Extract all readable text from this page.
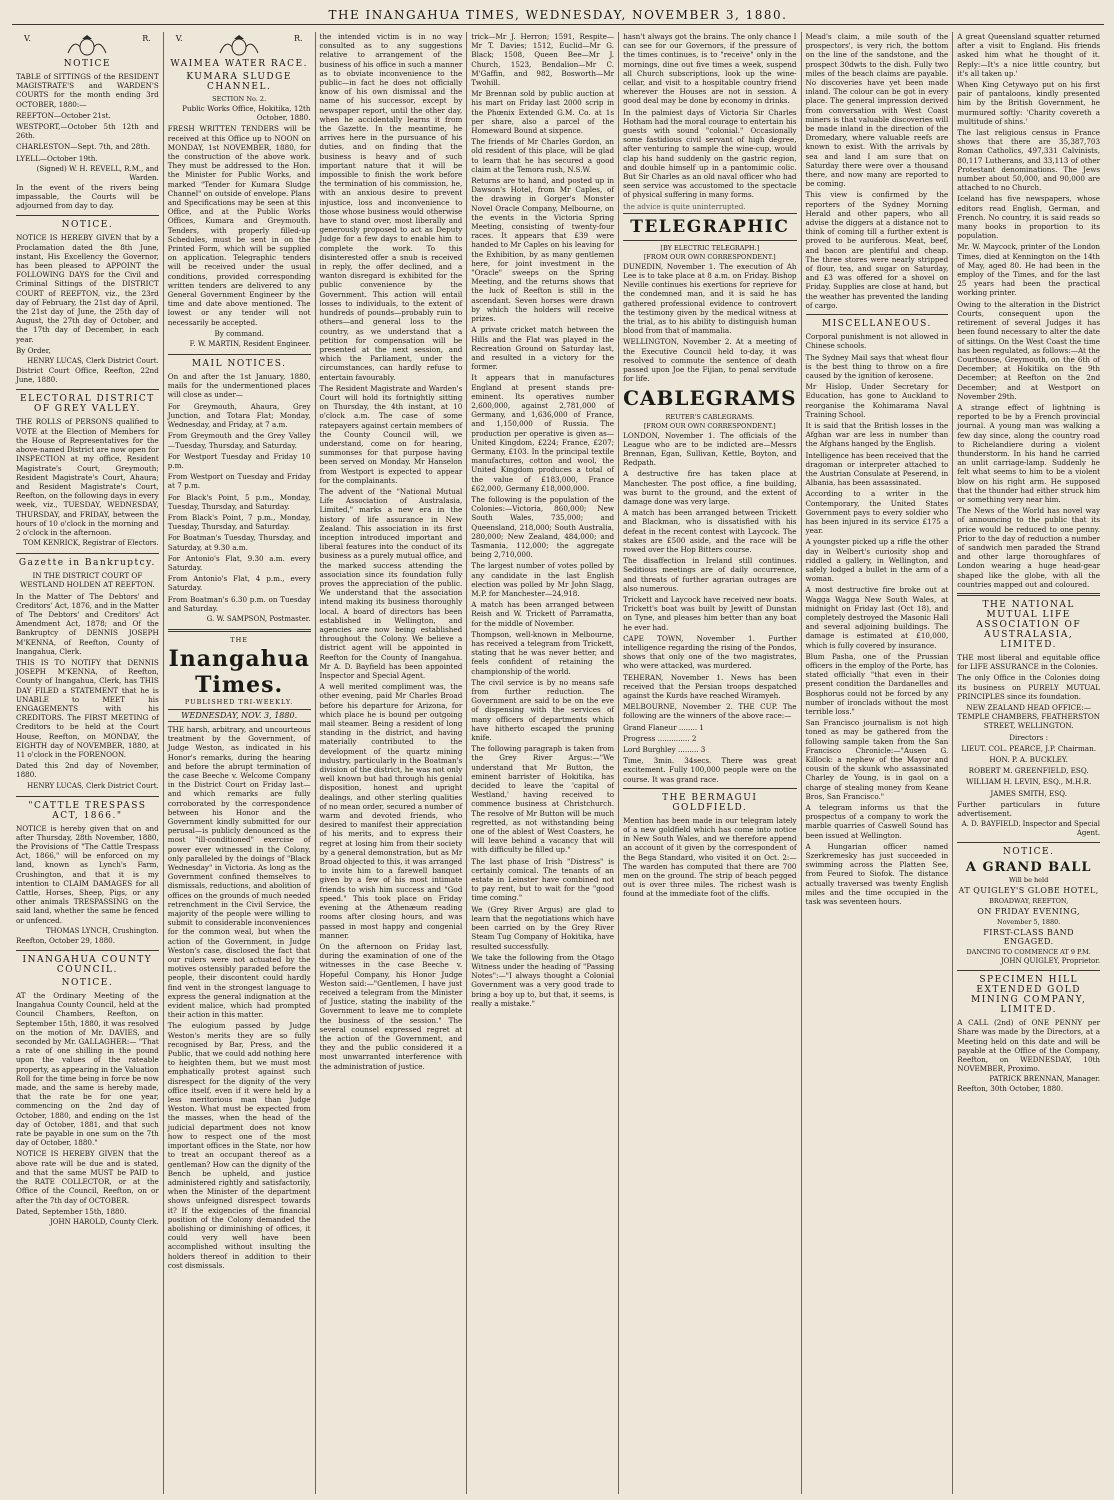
THE INANGAHUA TIMES, WEDNESDAY, NOVEMBER 3, 1880.
V.	R.
NOTICE

TABLE of SITTINGS of the RESIDENT MAGISTRATE'S and WARDEN'S COURTS for the month ending 3rd OCTOBER, 1880:—

REEFTON—October 21st.

WESTPORT,—October 5th 12th and 26th.

CHARLESTON—Sept. 7th, and 28th.

LYELL—October 19th.

(Signed) W. H. REVELL, R.M., and Warden.

In the event of the rivers being impassable, the Courts will be adjourned from day to day.

NOTICE.

NOTICE IS HEREBY GIVEN that by a Proclamation dated the 8th June, instant, His Excellency the Governor, has been pleased to APPOINT the FOLLOWING DAYS for the Civil and Criminal Sittings of the DISTRICT COURT of REEFTON, viz., the 23rd day of February, the 21st day of April, the 21st day of June, the 25th day of August, the 27th day of October, and the 17th day of December, in each year.

By Order,

HENRY LUCAS, Clerk District Court.

District Court Office, Reefton, 22nd June, 1880.

ELECTORAL DISTRICT OF GREY VALLEY.

THE ROLLS of PERSONS qualified to VOTE at the Election of Members for the House of Representatives for the above-named District are now open for INSPECTION at my office, Resident Magistrate's Court, Greymouth; Resident Magistrate's Court, Ahaura; and Resident Magistrate's Court, Reefton, on the following days in every week, viz., TUESDAY, WEDNESDAY, THURSDAY, and FRIDAY, between the hours of 10 o'clock in the morning and 2 o'clock in the afternoon.

TOM KENRICK, Registrar of Electors.

Gazette in Bankruptcy.

IN THE DISTRICT COURT OF WESTLAND HOLDEN AT REEFTON.

In the Matter of The Debtors' and Creditors' Act, 1876, and in the Matter of The Debtors' and Creditors' Act Amendment Act, 1878; and Of the Bankruptcy of DENNIS JOSEPH M'KENNA, of Reefton, County of Inangahua, Clerk.

THIS IS TO NOTIFY that DENNIS JOSEPH M'KENNA, of Reefton, County of Inangahua, Clerk, has THIS DAY FILED a STATEMENT that he is UNABLE to MEET his ENGAGEMENTS with his CREDITORS. The FIRST MEETING of Creditors to be held at the Court House, Reefton, on MONDAY, the EIGHTH day of NOVEMBER, 1880, at 11 o'clock in the FORENOON.

Dated this 2nd day of November, 1880.

HENRY LUCAS, Clerk District Court.

"CATTLE TRESPASS ACT, 1866."

NOTICE is hereby given that on and after Thursday, 28th November, 1880, the Provisions of "The Cattle Trespass Act, 1866," will be enforced on my land, known as Lynch's Farm, Crushington, and that it is my intention to CLAIM DAMAGES for all Cattle, Horses, Sheep, Pigs, or any other animals TRESPASSING on the said land, whether the same be fenced or unfenced.

THOMAS LYNCH, Crushington.

Reefton, October 29, 1880.

INANGAHUA COUNTY COUNCIL.
NOTICE.

AT the Ordinary Meeting of the Inangahua County Council, held at the Council Chambers, Reefton, on September 15th, 1880, it was resolved on the motion of Mr. DAVIES, and seconded by Mr. GALLAGHER:— "That a rate of one shilling in the pound upon the values of the rateable property, as appearing in the Valuation Roll for the time being in force be now made, and the same is hereby made, that the rate be for one year, commencing on the 2nd day of October, 1880, and ending on the 1st day of October, 1881, and that such rate be payable in one sum on the 7th day of October, 1880."

NOTICE IS HEREBY GIVEN that the above rate will be due and is stated, and that the same MUST be PAID to the RATE COLLECTOR, or at the Office of the Council, Reefton, on or after the 7th day of OCTOBER.

Dated, September 15th, 1880.

JOHN HAROLD, County Clerk.

V.	R.
WAIMEA WATER RACE.
KUMARA SLUDGE CHANNEL.
SECTION No. 2.

Public Works Office, Hokitika, 12th October, 1880.

FRESH WRITTEN TENDERS will be received at this Office up to NOON on MONDAY, 1st NOVEMBER, 1880, for the construction of the above work. They must be addressed to the Hon. the Minister for Public Works, and marked "Tender for Kumara Sludge Channel" on outside of envelope. Plans and Specifications may be seen at this Office, and at the Public Works Offices, Kumara and Greymouth. Tenders, with properly filled-up Schedules, must be sent in on the Printed Form, which will be supplied on application. Telegraphic tenders will be received under the usual conditions, provided corresponding written tenders are delivered to any General Government Engineer by the time and date above mentioned. The lowest or any tender will not necessarily be accepted.

By command.

F. W. MARTIN, Resident Engineer.

MAIL NOTICES.

On and after the 1st January, 1880, mails for the undermentioned places will close as under—

For Greymouth, Ahaura, Grey Junction, and Totara Flat; Monday, Wednesday, and Friday, at 7 a.m.

From Greymouth and the Grey Valley—Tuesday, Thursday, and Saturday.

For Westport Tuesday and Friday 10 p.m.

From Westport on Tuesday and Friday at 7 p.m.

For Black's Point, 5 p.m., Monday, Tuesday, Thursday, and Saturday.

From Black's Point, 7 p.m., Monday, Tuesday, Thursday, and Saturday.

For Boatman's Tuesday, Thursday, and Saturday, at 9.30 a.m.

For Antonio's Flat, 9.30 a.m. every Saturday.

From Antonio's Flat, 4 p.m., every Saturday.

From Boatman's 6.30 p.m. on Tuesday and Saturday.

G. W. SAMPSON, Postmaster.

THE
Inangahua Times.
PUBLISHED TRI-WEEKLY.
WEDNESDAY, NOV. 3, 1880.

THE harsh, arbitrary, and uncourteous treatment by the Government, of Judge Weston, as indicated in his Honor's remarks, during the hearing and before the abrupt termination of the case Beeche v. Welcome Company in the District Court on Friday last—and which remarks are fully corroborated by the correspondence between his Honor and the Government kindly submitted for our perusal—is publicly denounced as the most "ill-conditioned" exercise of power ever witnessed in the Colony, only paralleled by the doings of "Black Wednesday" in Victoria. As long as the Government confined themselves to dismissals, reductions, and abolition of offices on the grounds of much needed retrenchment in the Civil Service, the majority of the people were willing to submit to considerable inconveniences for the common weal, but when the action of the Government, in Judge Weston's case, disclosed the fact that our rulers were not actuated by the motives ostensibly paraded before the people, their discontent could hardly find vent in the strongest language to express the general indignation at the evident malice, which had prompted their action in this matter.

The eulogium passed by Judge Weston's merits they are so fully recognised by Bar, Press, and the Public, that we could add nothing here to heighten them, but we must most emphatically protest against such disrespect for the dignity of the very office itself, even if it were held by a less meritorious man than Judge Weston. What must be expected from the masses, when the head of the judicial department does not know how to respect one of the most important offices in the State, nor how to treat an occupant thereof as a gentleman? How can the dignity of the Bench be upheld, and justice administered rightly and satisfactorily, when the Minister of the department shows unfeigned disrespect towards it? If the exigencies of the financial position of the Colony demanded the abolishing or diminishing of offices, it could very well have been accomplished without insulting the holders thereof in addition to their cost dismissals.

the intended victim is in no way consulted as to any suggestions relative to arrangement of the business of his office in such a manner as to obviate inconvenience to the public—in fact he does not officially know of his own dismissal and the name of his successor, except by newspaper report, until the other day, when he accidentally learns it from the Gazette. In the meantime, he arrives here in the pursuance of his duties, and on finding that the business is heavy and of such important nature that it will be impossible to finish the work before the termination of his commission, he, with an anxious desire to prevent injustice, loss and inconvenience to those whose business would otherwise have to stand over, most liberally and generously proposed to act as Deputy Judge for a few days to enable him to complete the work. To this disinterested offer a snub is received in reply, the offer declined, and a wanton disregard is exhibited for the public convenience by the Government. This action will entail losses to individuals, to the extent of hundreds of pounds—probably ruin to others—and general loss to the country, as we understand that a petition for compensation will be presented at the next session, and which the Parliament, under the circumstances, can hardly refuse to entertain favourably.

The Resident Magistrate and Warden's Court will hold its fortnightly sitting on Thursday, the 4th instant, at 10 o'clock a.m. The case of some ratepayers against certain members of the County Council will, we understand, come on for hearing, summonses for that purpose having been served on Monday. Mr Hanselon from Westport is expected to appear for the complainants.

The advent of the "National Mutual Life Association of Australasia, Limited," marks a new era in the history of life assurance in New Zealand. This association in its first inception introduced important and liberal features into the conduct of its business as a purely mutual office, and the marked success attending the association since its foundation fully proves the appreciation of the public. We understand that the association intend making its business thoroughly local. A board of directors has been established in Wellington, and agencies are now being established throughout the Colony. We believe a district agent will be appointed in Reefton for the County of Inangahua. Mr A. D. Bayfield has been appointed Inspector and Special Agent.

A well merited compliment was, the other evening, paid Mr Charles Broad before his departure for Arizona, for which place he is bound per outgoing mail steamer. Being a resident of long standing in the district, and having materially contributed to the development of the quartz mining industry, particularly in the Boatman's division of the district, he was not only well known but had through his genial disposition, honest and upright dealings, and other sterling qualities of no mean order, secured a number of warm and devoted friends, who desired to manifest their appreciation of his merits, and to express their regret at losing him from their society by a general demonstration, but as Mr Broad objected to this, it was arranged to invite him to a farewell banquet given by a few of his most intimate friends to wish him success and "God speed." This took place on Friday evening at the Athenæum reading rooms after closing hours, and was passed in most happy and congenial manner.

On the afternoon on Friday last, during the examination of one of the witnesses in the case Beeche v. Hopeful Company, his Honor Judge Weston said:—"Gentlemen, I have just received a telegram from the Minister of Justice, stating the inability of the Government to leave me to complete the business of the session." The several counsel expressed regret at the action of the Government, and they and the public considered it a most unwarranted interference with the administration of justice.

trick—Mr J. Herron; 1591, Respite—Mr T. Davies; 1512, Euclid—Mr G. Black; 1508, Queen Bee—Mr J. Church, 1523, Bendalion—Mr C. M'Gaffin, and 982, Bosworth—Mr Twohill.

Mr Brennan sold by public auction at his mart on Friday last 2000 scrip in the Phœnix Extended G.M. Co. at 1s per share, also a parcel of the Homeward Bound at sixpence.

The friends of Mr Charles Gordon, an old resident of this place, will be glad to learn that he has secured a good claim at the Temora rush, N.S.W.

Returns are to hand, and posted up in Dawson's Hotel, from Mr Caples, of the drawing in Gorger's Monster Novel Oracle Company, Melbourne, on the events in the Victoria Spring Meeting, consisting of twenty-four races. It appears that £39 were handed to Mr Caples on his leaving for the Exhibition, by as many gentlemen here, for joint investment in the "Oracle" sweeps on the Spring Meeting, and the returns shows that the luck of Reefton is still in the ascendant. Seven horses were drawn by which the holders will receive prizes.

A private cricket match between the Hills and the Flat was played in the Recreation Ground on Saturday last, and resulted in a victory for the former.

It appears that in manufactures England at present stands pre-eminent. Its operatives number 2,600,000, against 2,781,000 of Germany, and 1,636,000 of France, and 1,150,000 of Russia. The production per operative is given as—United Kingdom, £224; France, £207; Germany, £103. In the principal textile manufactures, cotton and wool, the United Kingdom produces a total of the value of £183,000, France £62,000, Germany £18,000,000.

The following is the population of the Colonies:—Victoria, 860,000; New South Wales, 735,000; and Queensland, 218,000; South Australia, 280,000; New Zealand, 484,000; and Tasmania, 112,000; the aggregate being 2,710,000.

The largest number of votes polled by any candidate in the last English election was polled by Mr John Slagg, M.P. for Manchester—24,918.

A match has been arranged between Reish and W. Trickett of Parramatta, for the middle of November.

Thompson, well-known in Melbourne, has received a telegram from Trickett, stating that he was never better, and feels confident of retaining the championship of the world.

The civil service is by no means safe from further reduction. The Government are said to be on the eve of dispensing with the services of many officers of departments which have hitherto escaped the pruning knife.

The following paragraph is taken from the Grey River Argus:—"We understand that Mr Button, the eminent barrister of Hokitika, has decided to leave the 'capital of Westland,' having received to commence business at Christchurch. The resolve of Mr Button will be much regretted, as not withstanding being one of the ablest of West Coasters, he will leave behind a vacancy that will with difficulty be filled up."

The last phase of Irish "Distress" is certainly comical. The tenants of an estate in Leinster have combined not to pay rent, but to wait for the "good time coming."

We (Grey River Argus) are glad to learn that the negotiations which have been carried on by the Grey River Steam Tug Company of Hokitika, have resulted successfully.

We take the following from the Otago Witness under the heading of "Passing Notes":—"I always thought a Colonial Government was a very good trade to bring a boy up to, but that, it seems, is really a mistake."

hasn't always got the brains. The only chance I can see for our Governors, if the pressure of the times continues, is to "receive" only in the mornings, dine out five times a week, suspend all Church subscriptions, look up the wine-cellar, and visit to a hospitable country friend wherever the Houses are not in session. A good deal may be done by economy in drinks.

In the palmiest days of Victoria Sir Charles Hotham had the moral courage to entertain his guests with sound "colonial." Occasionally some fastidious civil servant of high degree, after venturing to sample the wine-cup, would clap his hand suddenly on the gastric region, and double himself up in a pantomimic colic. But Sir Charles as an old naval officer who had seen service was accustomed to the spectacle of physical suffering in many forms.

the advice is quite uninterrupted.

TELEGRAPHIC
[BY ELECTRIC TELEGRAPH.]
[FROM OUR OWN CORRESPONDENT.]

DUNEDIN, November 1. The execution of Ah Lee is to take place at 8 a.m. on Friday. Bishop Neville continues his exertions for reprieve for the condemned man, and it is said he has gathered professional evidence to controvert the testimony given by the medical witness at the trial, as to his ability to distinguish human blood from that of mammalia.

WELLINGTON, November 2. At a meeting of the Executive Council held to-day, it was resolved to commute the sentence of death passed upon Joe the Fijian, to penal servitude for life.

CABLEGRAMS
REUTER'S CABLEGRAMS.
[FROM OUR OWN CORRESPONDENT.]

LONDON, November 1. The officials of the League who are to be indicted are—Messrs Brennan, Egan, Sullivan, Kettle, Boyton, and Redpath.

A destructive fire has taken place at Manchester. The post office, a fine building, was burnt to the ground, and the extent of damage done was very large.

A match has been arranged between Trickett and Blackman, who is dissatisfied with his defeat in the recent contest with Laycock. The stakes are £500 aside, and the race will be rowed over the Hop Bitters course.

The disaffection in Ireland still continues. Seditious meetings are of daily occurrence, and threats of further agrarian outrages are also numerous.

Trickett and Laycock have received new boats. Trickett's boat was built by Jewitt of Dunstan on Tyne, and pleases him better than any boat he ever had.

CAPE TOWN, November 1. Further intelligence regarding the rising of the Pondos, shows that only one of the two magistrates, who were attacked, was murdered.

TEHERAN, November 1. News has been received that the Persian troops despatched against the Kurds have reached Wiramyeh.

MELBOURNE, November 2. THE CUP. The following are the winners of the above race:—

Grand Flaneur ........ 1

Progress .............. 2

Lord Burghley ......... 3

Time, 3min. 34secs. There was great excitement. Fully 100,000 people were on the course. It was grand race.

THE BERMAGUI GOLDFIELD.

Mention has been made in our telegram lately of a new goldfield which has come into notice in New South Wales, and we therefore append an account of it given by the correspondent of the Bega Standard, who visited it on Oct. 2:—The warden has computed that there are 700 men on the ground. The strip of beach pegged out is over three miles. The richest wash is found at the immediate foot of the cliffs.

Mead's claim, a mile south of the prospectors', is very rich, the bottom on the line of the sandstone, and the prospect 30dwts to the dish. Fully two miles of the beach claims are payable. No discoveries have yet been made inland. The colour can be got in every place. The general impression derived from conversation with West Coast miners is that valuable discoveries will be made inland in the direction of the Dromedary, where valuable reefs are known to exist. With the arrivals by sea and land I am sure that on Saturday there were over a thousand there, and now many are reported to be coming.

This view is confirmed by the reporters of the Sydney Morning Herald and other papers, who all advise the diggers at a distance not to think of coming till a further extent is proved to be auriferous. Meat, beef, and bacon are plentiful and cheap. The three stores were nearly stripped of flour, tea, and sugar on Saturday, and £3 was offered for a shovel on Friday. Supplies are close at hand, but the weather has prevented the landing of cargo.

MISCELLANEOUS.

Corporal punishment is not allowed in Chinese schools.

The Sydney Mail says that wheat flour is the best thing to throw on a fire caused by the ignition of kerosene.

Mr Hislop, Under Secretary for Education, has gone to Auckland to reorganise the Kohimarama Naval Training School.

It is said that the British losses in the Afghan war are less in number than the Afghans hanged by the English.

Intelligence has been received that the dragoman or interpreter attached to the Austrian Consulate at Peserend, in Albania, has been assassinated.

According to a writer in the Contemporary, the United States Government pays to every soldier who has been injured in its service £175 a year.

A youngster picked up a rifle the other day in Welbert's curiosity shop and riddled a gallery, in Wellington, and safely lodged a bullet in the arm of a woman.

A most destructive fire broke out at Wagga Wagga New South Wales, at midnight on Friday last (Oct 18), and completely destroyed the Masonic Hall and several adjoining buildings. The damage is estimated at £10,000, which is fully covered by insurance.

Blum Pasha, one of the Prussian officers in the employ of the Porte, has stated officially "that even in their present condition the Dardanelles and Bosphorus could not be forced by any number of ironclads without the most terrible loss."

San Francisco journalism is not high toned as may be gathered from the following sample taken from the San Francisco Chronicle:—"Ausen G. Killock: a nephew of the Mayor and cousin of the skunk who assassinated Charley de Young, is in gaol on a charge of stealing money from Keane Bros, San Francisco."

A telegram informs us that the prospectus of a company to work the marble quarries of Caswell Sound has been issued at Wellington.

A Hungarian officer named Szerkremesky has just succeeded in swimming across the Platten See, from Feured to Siofok. The distance actually traversed was twenty English miles and the time occupied in the task was seventeen hours.

A great Queensland squatter returned after a visit to England. His friends asked him what he thought of it. Reply:—It's a nice little country, but it's all taken up.'

When King Cetywayo put on his first pair of pantaloons, kindly presented him by the British Government, he murmured softly: 'Charity covereth a multitude of shins.'

The last religious census in France shows that there are 35,387,703 Roman Catholics, 497,331 Calvinists, 80,117 Lutherans, and 33,113 of other Protestant denominations. The Jews number about 50,000, and 90,000 are attached to no Church.

Iceland has five newspapers, whose editors read English, German, and French. No country, it is said reads so many books in proportion to its population.

Mr. W. Maycock, printer of the London Times, died at Kennington on the 14th of May, aged 80. He had been in the employ of the Times, and for the last 25 years had been the practical working printer.

Owing to the alteration in the District Courts, consequent upon the retirement of several Judges it has been found necessary to alter the date of sittings. On the West Coast the time has been regulated, as follows:—At the Courthouse, Greymouth, on the 6th of December; at Hokitika on the 9th December; at Reefton on the 2nd December; and at Westport on November 29th.

A strange effect of lightning is reported to be by a French provincial journal. A young man was walking a few day since, along the country road to Richelandiere during a violent thunderstorm. In his hand he carried an unlit carriage-lamp. Suddenly he felt what seems to him to be a violent blow on his right arm. He supposed that the thunder had either struck him or something very near him.

The News of the World has novel way of announcing to the public that its price would be reduced to one penny. Prior to the day of reduction a number of sandwich men paraded the Strand and other large thoroughfares of London wearing a huge head-gear shaped like the globe, with all the countries mapped out and coloured.

THE NATIONAL MUTUAL LIFE ASSOCIATION OF AUSTRALASIA, LIMITED.

THE most liberal and equitable office for LIFE ASSURANCE in the Colonies.

The only Office in the Colonies doing its business on PURELY MUTUAL PRINCIPLES since its foundation.

NEW ZEALAND HEAD OFFICE:— TEMPLE CHAMBERS, FEATHERSTON STREET, WELLINGTON.

Directors :

LIEUT. COL. PEARCE, J.P. Chairman.

HON. P. A. BUCKLEY.

ROBERT M. GREENFIELD, ESQ.

WILLIAM H. LEVIN, ESQ., M.H.R.

JAMES SMITH, ESQ.

Further particulars in future advertisement.

A. D. BAYFIELD, Inspector and Special Agent.

NOTICE.
A GRAND BALL
Will be held
AT QUIGLEY'S GLOBE HOTEL,
BROADWAY, REEFTON,
ON FRIDAY EVENING,
November 5, 1880.
FIRST-CLASS BAND ENGAGED.
DANCING TO COMMENCE AT 9 P.M.

JOHN QUIGLEY, Proprietor.

SPECIMEN HILL EXTENDED GOLD MINING COMPANY, LIMITED.

A CALL (2nd) of ONE PENNY per Share was made by the Directors, at a Meeting held on this date and will be payable at the Office of the Company, Reefton, on WEDNESDAY, 10th NOVEMBER, Proximo.

PATRICK BRENNAN, Manager.

Reefton, 30th October, 1880.
